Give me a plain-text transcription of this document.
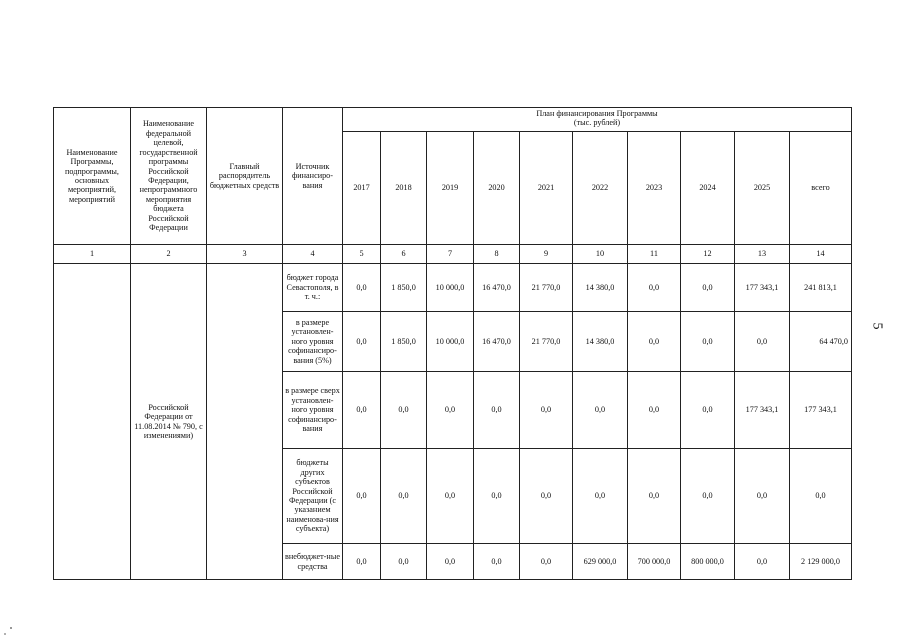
Наименование Программы, подпрограммы, основных мероприятий, мероприятий	Наименование федеральной целевой, государственной программы Российской Федерации, непрограммного мероприятия бюджета Российской Федерации	Главный распорядитель бюджетных средств	Источник финансиро-вания	План финансирования Программы
(тыс. рублей)									

				2017	2018	2019	2020	2021	2022	2023	2024	2025	всего
1	2	3	4	5	6	7	8	9	10	11	12	13	14
	Российской Федерации от 11.08.2014 № 790, с изменениями)		бюджет города Севастополя, в т. ч.:	0,0	1 850,0	10 000,0	16 470,0	21 770,0	14 380,0	0,0	0,0	177 343,1	241 813,1
			в размере установлен-ного уровня софинансиро-вания (5%)	0,0	1 850,0	10 000,0	16 470,0	21 770,0	14 380,0	0,0	0,0	0,0	64 470,0
			в размере сверх установлен-ного уровня софинансиро-вания	0,0	0,0	0,0	0,0	0,0	0,0	0,0	0,0	177 343,1	177 343,1
			бюджеты других субъектов Российской Федерации (с указанием наименова-ния субъекта)	0,0	0,0	0,0	0,0	0,0	0,0	0,0	0,0	0,0	0,0
			внебюджет-ные средства	0,0	0,0	0,0	0,0	0,0	629 000,0	700 000,0	800 000,0	0,0	2 129 000,0
5
